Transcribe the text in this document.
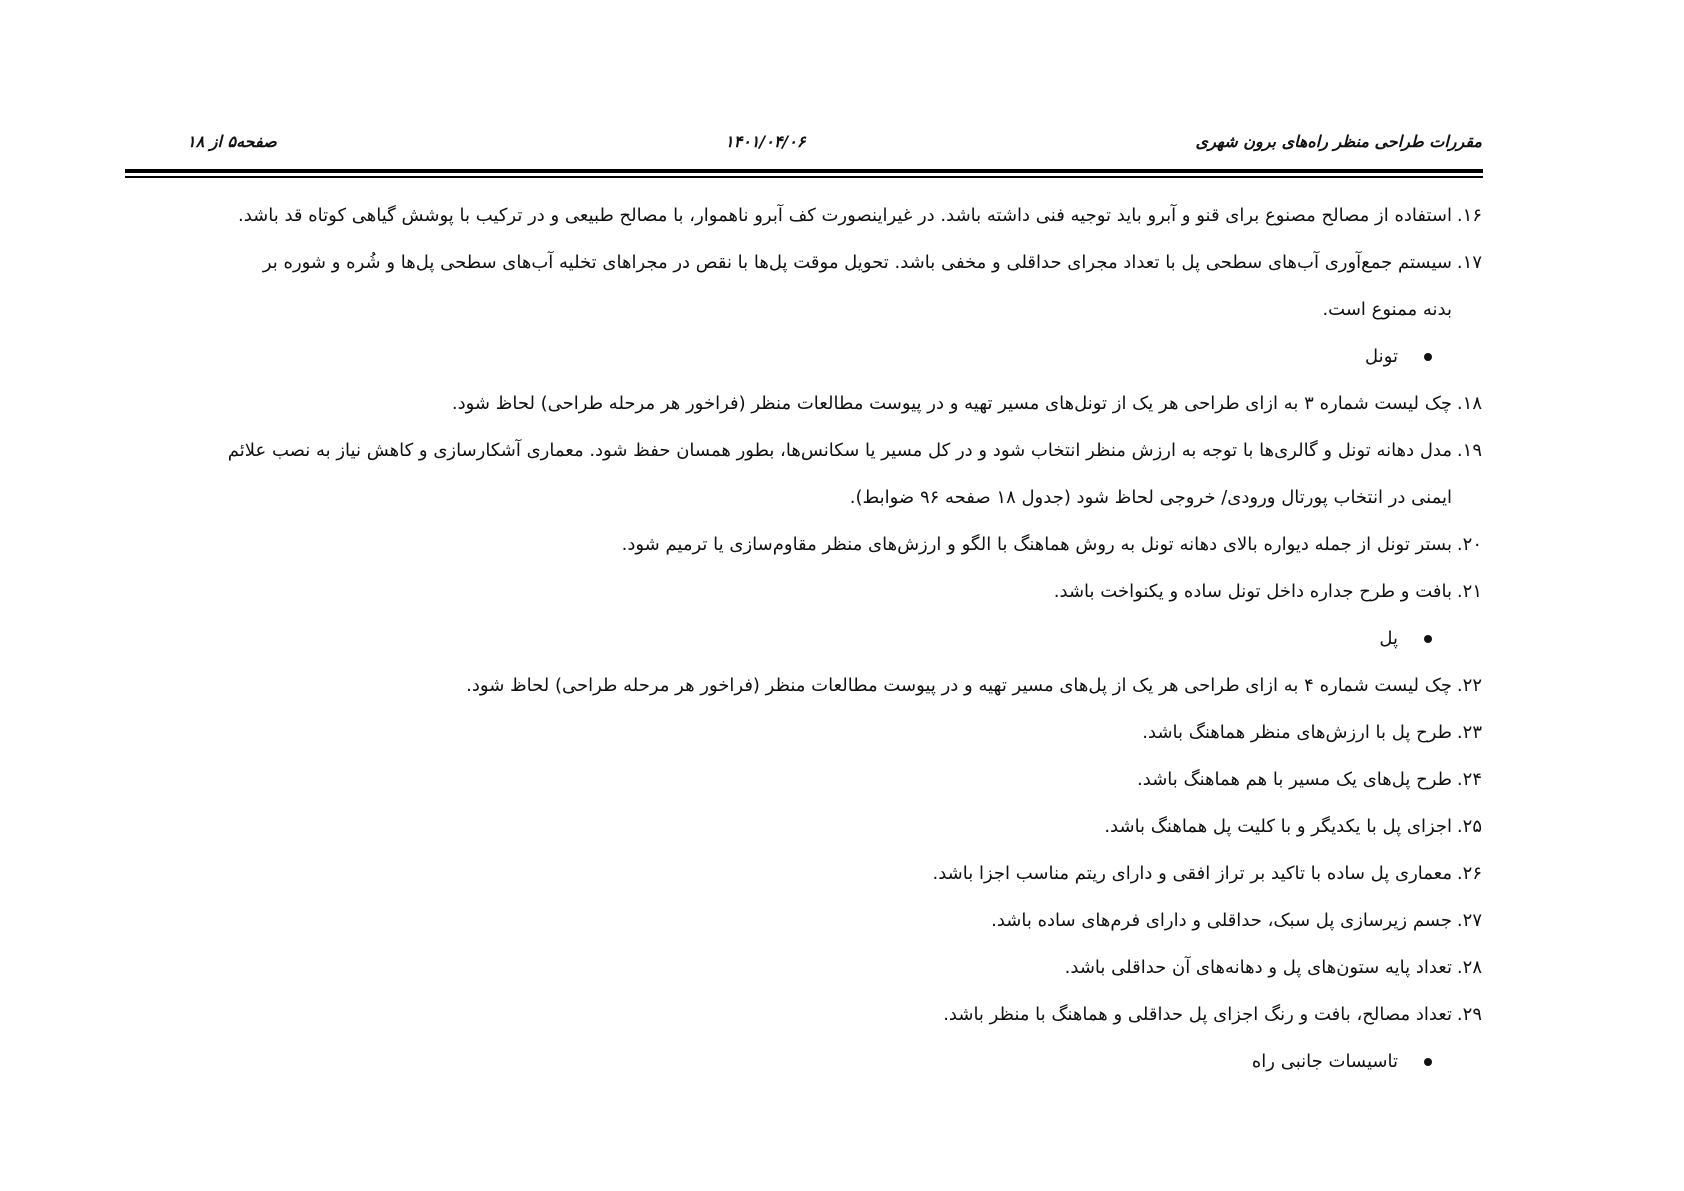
مقررات طراحی منظر راه‌های برون شهری
۱۴۰۱/۰۴/۰۶
صفحه۵ از ۱۸
۱۶.استفاده از مصالح مصنوع برای قنو و آبرو باید توجیه فنی داشته باشد. در غیراینصورت کف آبرو ناهموار، با مصالح طبیعی و در ترکیب با پوشش گیاهی کوتاه قد باشد.
۱۷.سیستم جمع‌آوری آب‌های سطحی پل با تعداد مجرای حداقلی و مخفی باشد. تحویل موقت پل‌ها با نقص در مجراهای تخلیه آب‌های سطحی پل‌ها و شُره و شوره بر
بدنه ممنوع است.
تونل
۱۸.چک لیست شماره ۳ به ازای طراحی هر یک از تونل‌های مسیر تهیه و در پیوست مطالعات منظر (فراخور هر مرحله طراحی) لحاظ شود.
۱۹.مدل دهانه تونل و گالری‌ها با توجه به ارزش منظر انتخاب شود و در کل مسیر یا سکانس‌ها، بطور همسان حفظ شود. معماری آشکارسازی و کاهش نیاز به نصب علائم
ایمنی در انتخاب پورتال ورودی/ خروجی لحاظ شود (جدول ۱۸ صفحه ۹۶ ضوابط).
۲۰.بستر تونل از جمله دیواره بالای دهانه تونل به روش هماهنگ با الگو و ارزش‌های منظر مقاوم‌سازی یا ترمیم شود.
۲۱.بافت و طرح جداره داخل تونل ساده و یکنواخت باشد.
پل
۲۲.چک لیست شماره ۴ به ازای طراحی هر یک از پل‌های مسیر تهیه و در پیوست مطالعات منظر (فراخور هر مرحله طراحی) لحاظ شود.
۲۳.طرح پل با ارزش‌های منظر هماهنگ باشد.
۲۴.طرح پل‌های یک مسیر با هم هماهنگ باشد.
۲۵.اجزای پل با یکدیگر و با کلیت پل هماهنگ باشد.
۲۶.معماری پل ساده با تاکید بر تراز افقی و دارای ریتم مناسب اجزا باشد.
۲۷.جسم زیرسازی پل سبک، حداقلی و دارای فرم‌های ساده باشد.
۲۸.تعداد پایه ستون‌های پل و دهانه‌های آن حداقلی باشد.
۲۹.تعداد مصالح، بافت و رنگ اجزای پل حداقلی و هماهنگ با منظر باشد.
تاسیسات جانبی راه
